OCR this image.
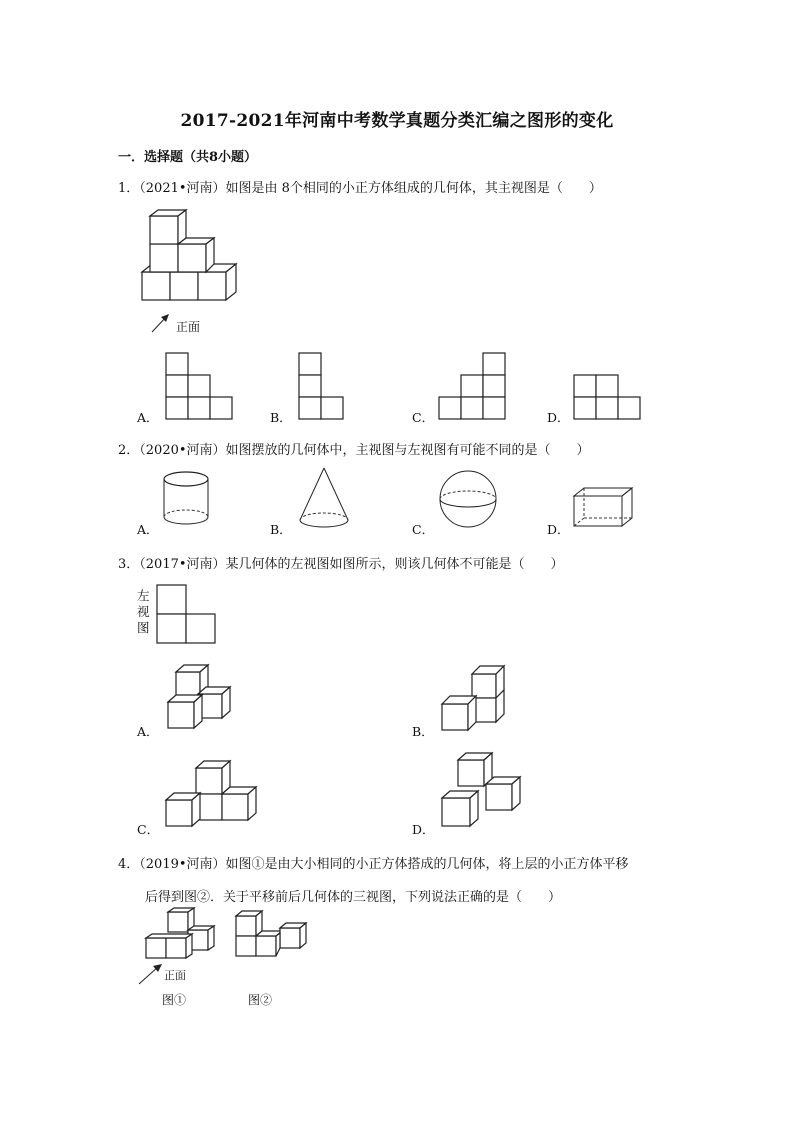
2017-2021年河南中考数学真题分类汇编之图形的变化
一．选择题（共8小题）
1．（2021•河南）如图是由 8个相同的小正方体组成的几何体，其主视图是（　　）
正面
A．	B．	C．	D．
2．（2020•河南）如图摆放的几何体中，主视图与左视图有可能不同的是（　　）
A．	B．	C．	D．
3．（2017•河南）某几何体的左视图如图所示，则该几何体不可能是（　　）
左视图
A．	B．
C．	D．
4．（2019•河南）如图①是由大小相同的小正方体搭成的几何体，将上层的小正方体平移
后得到图②．关于平移前后几何体的三视图，下列说法正确的是（　　）
正面
图①	图②
